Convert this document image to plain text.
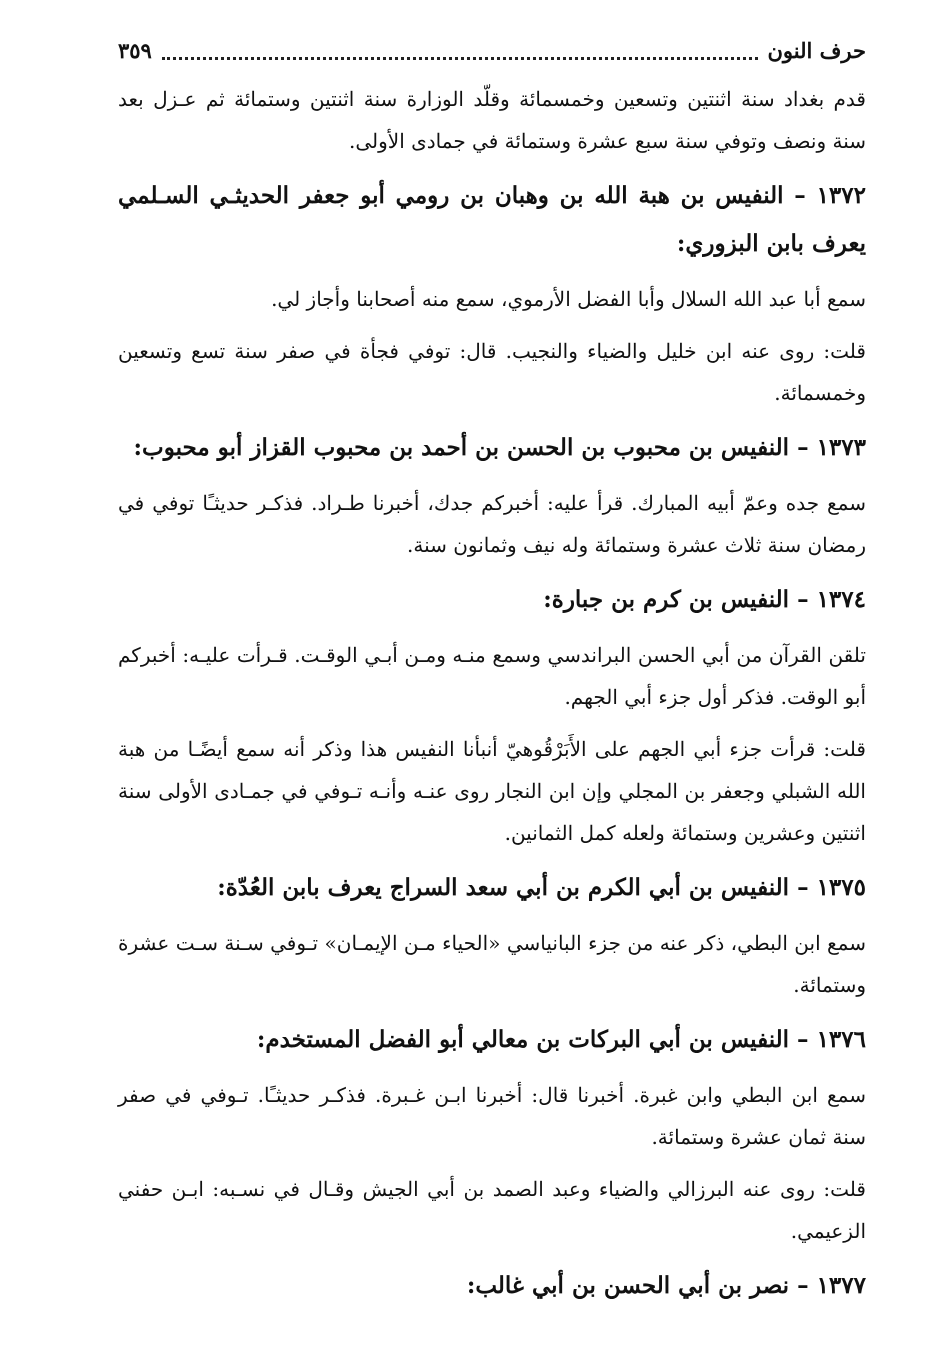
حرف النون
٣٥٩

قدم بغداد سنة اثنتين وتسعين وخمسمائة وقلّد الوزارة سنة اثنتين وستمائة ثم عـزل بعد سنة ونصف وتوفي سنة سبع عشرة وستمائة في جمادى الأولى.

١٣٧٢ – النفيس بن هبة الله بن وهبان بن رومي أبو جعفر الحديثـي السـلمي يعرف بابن البزوري:

سمع أبا عبد الله السلال وأبا الفضل الأرموي، سمع منه أصحابنا وأجاز لي.

قلت: روى عنه ابن خليل والضياء والنجيب. قال: توفي فجأة في صفر سنة تسع وتسعين وخمسمائة.

١٣٧٣ – النفيس بن محبوب بن الحسن بن أحمد بن محبوب القزاز أبو محبوب:

سمع جده وعمّ أبيه المبارك. قرأ عليه: أخبركم جدك، أخبرنا طـراد. فذكـر حديثـًا توفي في رمضان سنة ثلاث عشرة وستمائة وله نيف وثمانون سنة.

١٣٧٤ – النفيس بن كرم بن جبارة:

تلقن القرآن من أبي الحسن البراندسي وسمع منـه ومـن أبـي الوقـت. قـرأت عليـه: أخبركم أبو الوقت. فذكر أول جزء أبي الجهم.

قلت: قرأت جزء أبي الجهم على الأَبَرْقُوهيّ أنبأنا النفيس هذا وذكر أنه سمع أيضًـا من هبة الله الشبلي وجعفر بن المجلي وإن ابن النجار روى عنـه وأنـه تـوفي في جمـادى الأولى سنة اثنتين وعشرين وستمائة ولعله كمل الثمانين.

١٣٧٥ – النفيس بن أبي الكرم بن أبي سعد السراج يعرف بابن العُدّة:

سمع ابن البطي، ذكر عنه من جزء البانياسي «الحياء مـن الإيمـان» تـوفي سـنة سـت عشرة وستمائة.

١٣٧٦ – النفيس بن أبي البركات بن معالي أبو الفضل المستخدم:

سمع ابن البطي وابن غبرة. أخبرنا قال: أخبرنا ابـن غـبرة. فذكـر حديثـًا. تـوفي في صفر سنة ثمان عشرة وستمائة.

قلت: روى عنه البرزالي والضياء وعبد الصمد بن أبي الجيش وقـال في نسـبه: ابـن حفني الزعيمي.

١٣٧٧ – نصر بن أبي الحسن بن أبي غالب:
